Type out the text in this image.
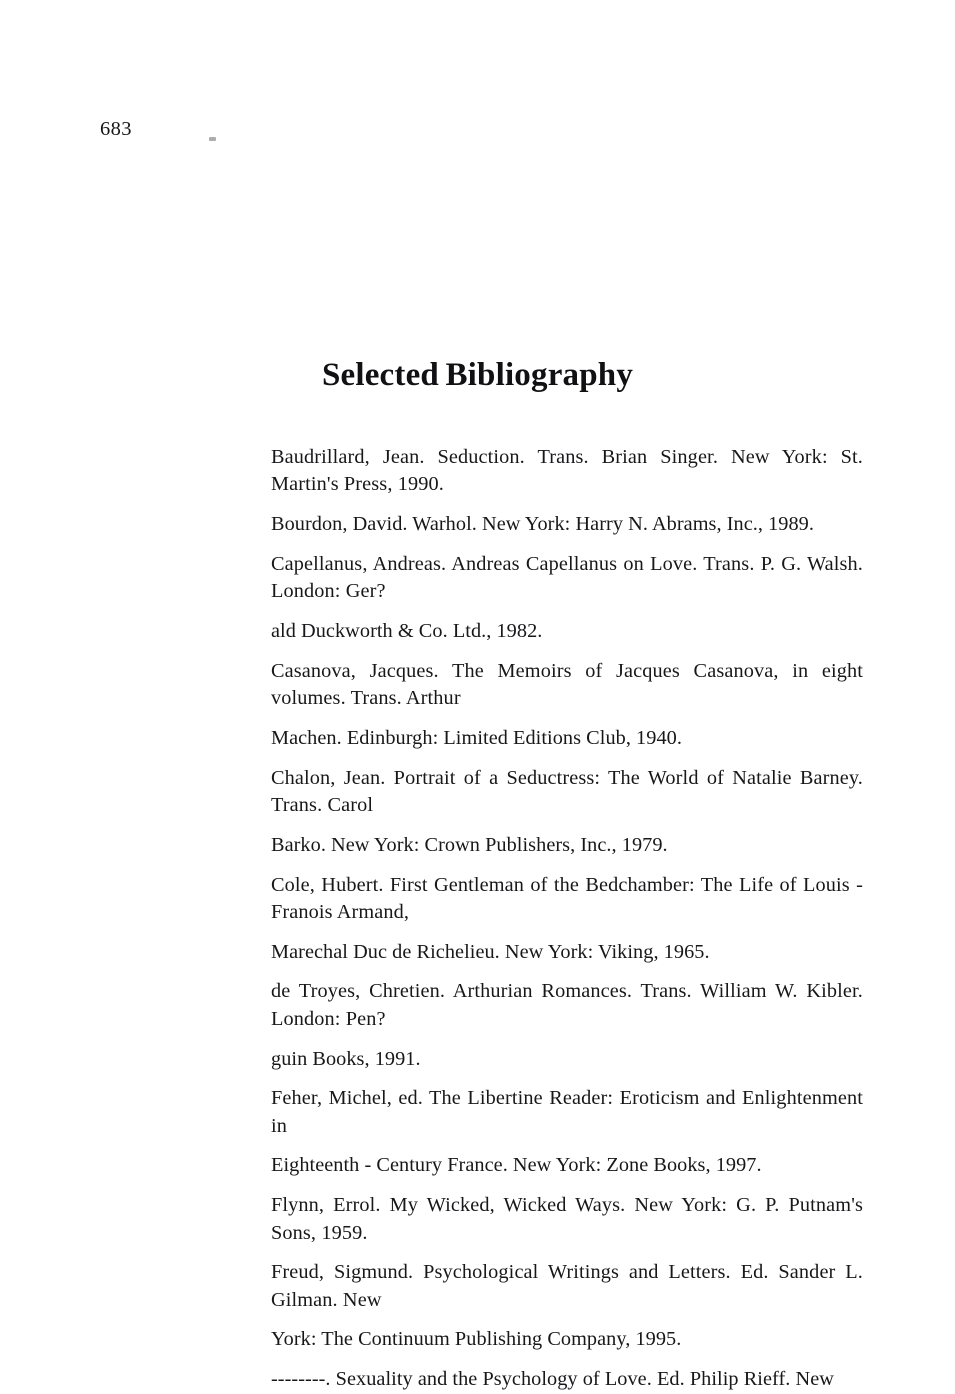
683
Selected Bibliography

Baudrillard, Jean. Seduction. Trans. Brian Singer. New York: St. Martin's Press, 1990.

Bourdon, David. Warhol. New York: Harry N. Abrams, Inc., 1989.

Capellanus, Andreas. Andreas Capellanus on Love. Trans. P. G. Walsh. London: Ger?

ald Duckworth & Co. Ltd., 1982.

Casanova, Jacques. The Memoirs of Jacques Casanova, in eight volumes. Trans. Arthur

Machen. Edinburgh: Limited Editions Club, 1940.

Chalon, Jean. Portrait of a Seductress: The World of Natalie Barney. Trans. Carol

Barko. New York: Crown Publishers, Inc., 1979.

Cole, Hubert. First Gentleman of the Bedchamber: The Life of Louis - Franois Armand,

Marechal Duc de Richelieu. New York: Viking, 1965.

de Troyes, Chretien. Arthurian Romances. Trans. William W. Kibler. London: Pen?

guin Books, 1991.

Feher, Michel, ed. The Libertine Reader: Eroticism and Enlightenment in

Eighteenth - Century France. New York: Zone Books, 1997.

Flynn, Errol. My Wicked, Wicked Ways. New York: G. P. Putnam's Sons, 1959.

Freud, Sigmund. Psychological Writings and Letters. Ed. Sander L. Gilman. New

York: The Continuum Publishing Company, 1995.

--------. Sexuality and the Psychology of Love. Ed. Philip Rieff. New
